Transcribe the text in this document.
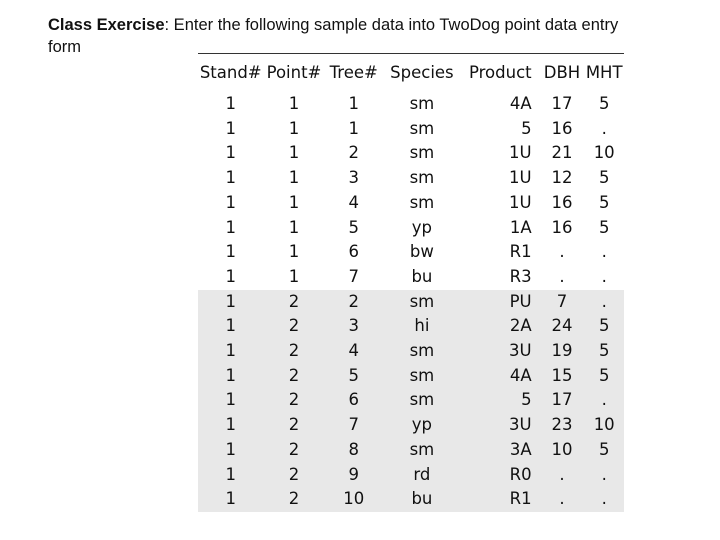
Class Exercise: Enter the following sample data into TwoDog point data entry form
Stand#	Point#	Tree#	Species	Product	DBH	MHT
1	1	1	sm	4A	17	5
1	1	1	sm	5	16	.
1	1	2	sm	1U	21	10
1	1	3	sm	1U	12	5
1	1	4	sm	1U	16	5
1	1	5	yp	1A	16	5
1	1	6	bw	R1	.	.
1	1	7	bu	R3	.	.
1	2	2	sm	PU	7	.
1	2	3	hi	2A	24	5
1	2	4	sm	3U	19	5
1	2	5	sm	4A	15	5
1	2	6	sm	5	17	.
1	2	7	yp	3U	23	10
1	2	8	sm	3A	10	5
1	2	9	rd	R0	.	.
1	2	10	bu	R1	.	.
